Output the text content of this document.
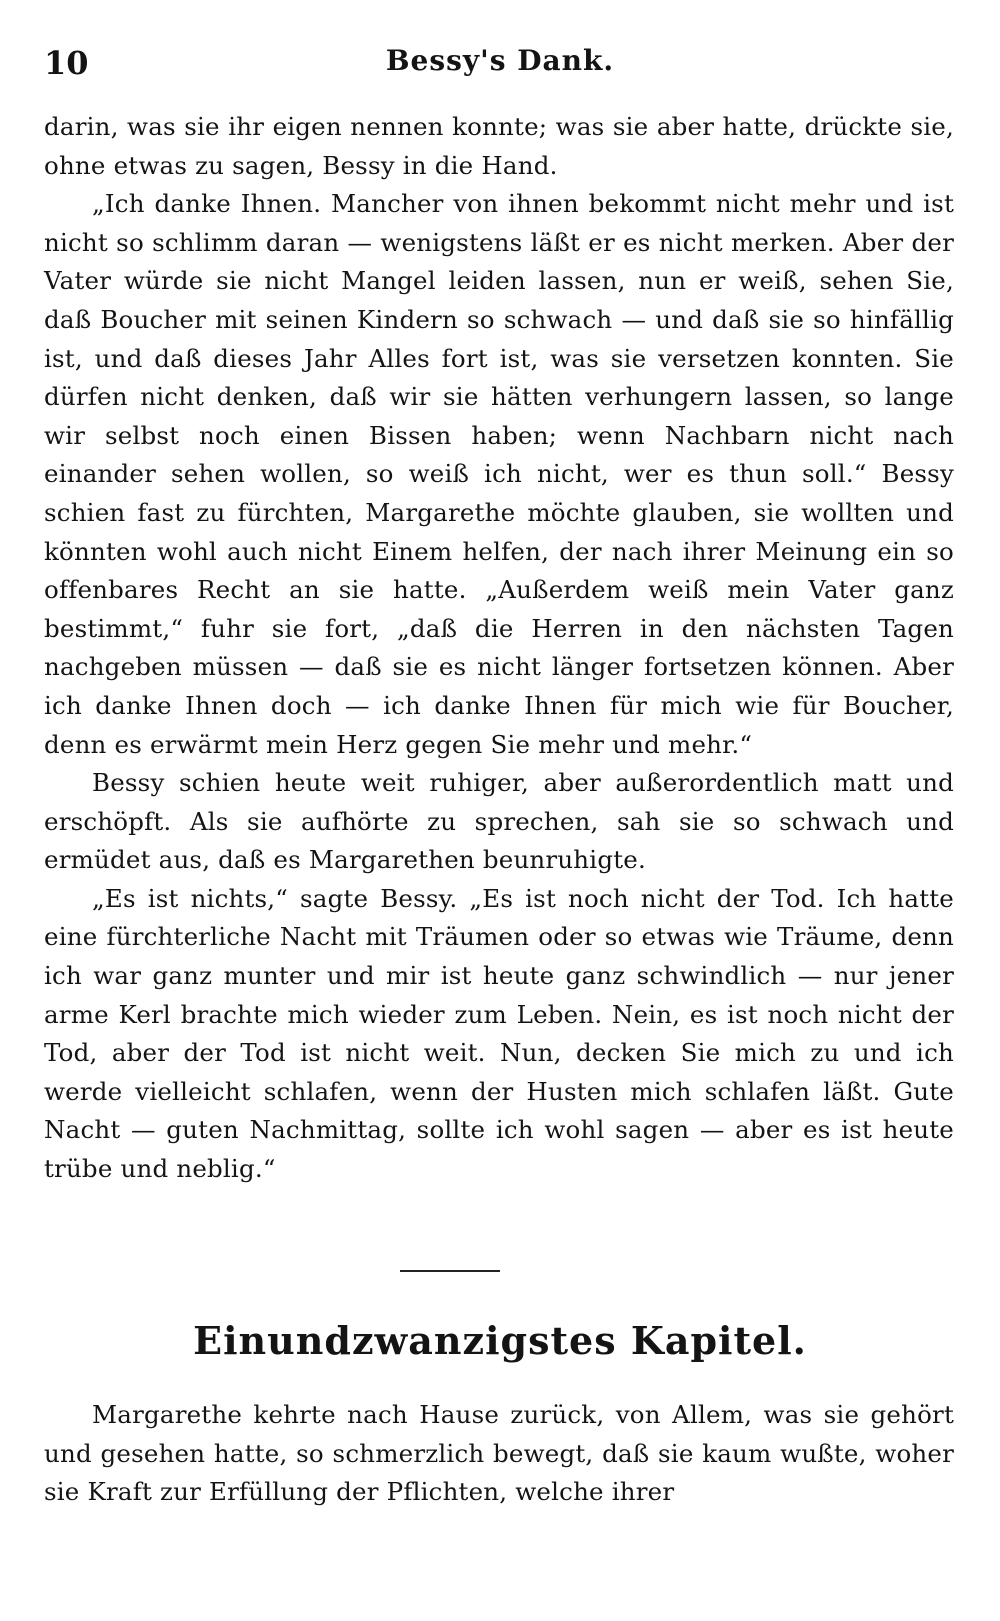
10	Bessy's Dank.

darin, was sie ihr eigen nennen konnte; was sie aber hatte, drückte sie, ohne etwas zu sagen, Bessy in die Hand.

„Ich danke Ihnen. Mancher von ihnen bekommt nicht mehr und ist nicht so schlimm daran — wenigstens läßt er es nicht merken. Aber der Vater würde sie nicht Mangel leiden lassen, nun er weiß, sehen Sie, daß Boucher mit seinen Kindern so schwach — und daß sie so hinfällig ist, und daß dieses Jahr Alles fort ist, was sie versetzen konnten. Sie dürfen nicht denken, daß wir sie hätten verhungern lassen, so lange wir selbst noch einen Bissen haben; wenn Nachbarn nicht nach einander sehen wollen, so weiß ich nicht, wer es thun soll.“ Bessy schien fast zu fürchten, Margarethe möchte glauben, sie wollten und könnten wohl auch nicht Einem helfen, der nach ihrer Meinung ein so offenbares Recht an sie hatte. „Außerdem weiß mein Vater ganz bestimmt,“ fuhr sie fort, „daß die Herren in den nächsten Tagen nachgeben müssen — daß sie es nicht länger fortsetzen können. Aber ich danke Ihnen doch — ich danke Ihnen für mich wie für Boucher, denn es erwärmt mein Herz gegen Sie mehr und mehr.“

Bessy schien heute weit ruhiger, aber außerordentlich matt und erschöpft. Als sie aufhörte zu sprechen, sah sie so schwach und ermüdet aus, daß es Margarethen beunruhigte.

„Es ist nichts,“ sagte Bessy. „Es ist noch nicht der Tod. Ich hatte eine fürchterliche Nacht mit Träumen oder so etwas wie Träume, denn ich war ganz munter und mir ist heute ganz schwindlich — nur jener arme Kerl brachte mich wieder zum Leben. Nein, es ist noch nicht der Tod, aber der Tod ist nicht weit. Nun, decken Sie mich zu und ich werde vielleicht schlafen, wenn der Husten mich schlafen läßt. Gute Nacht — guten Nachmittag, sollte ich wohl sagen — aber es ist heute trübe und neblig.“

Einundzwanzigstes Kapitel.

Margarethe kehrte nach Hause zurück, von Allem, was sie gehört und gesehen hatte, so schmerzlich bewegt, daß sie kaum wußte, woher sie Kraft zur Erfüllung der Pflichten, welche ihrer
